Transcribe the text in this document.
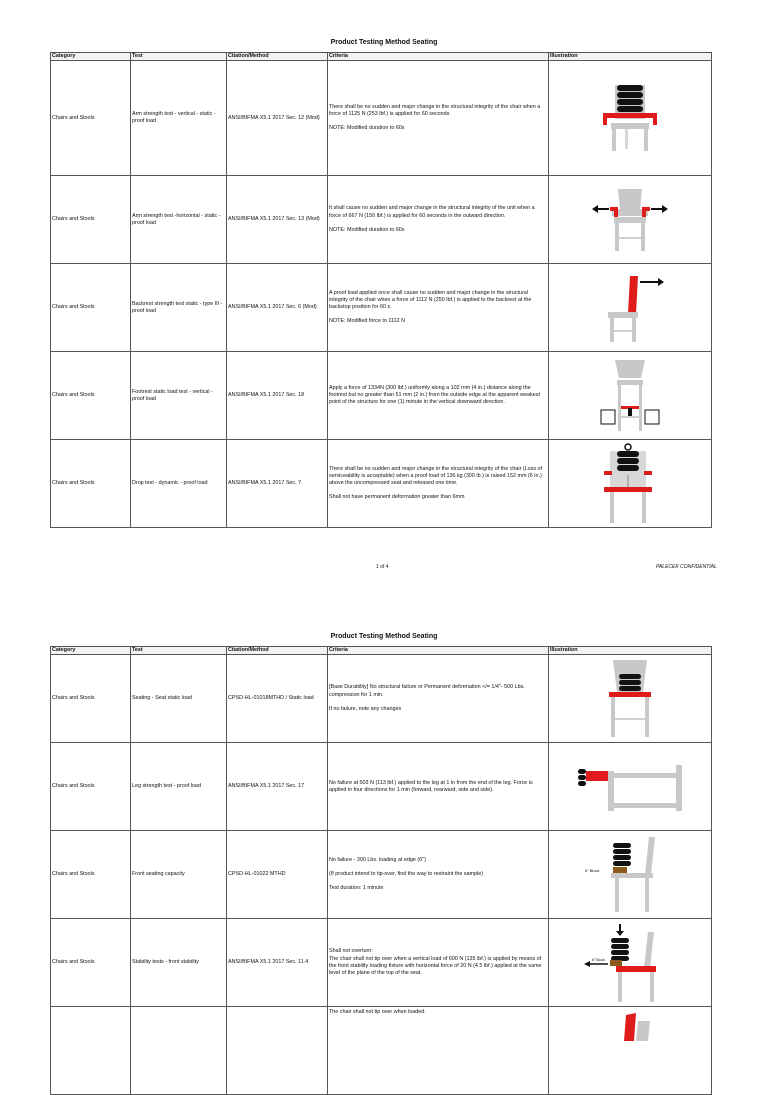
Product Testing Method Seating
Category	Test	Citation/Method	Criteria	Illustration
Chairs and Stools	Arm strength test - vertical - static - proof load	ANSI/BIFMA X5.1 2017 Sec. 12 (Mod)	There shall be no sudden and major change in the structural integrity of the chair when a force of 1125 N (253 lbf.) is applied for 60 seconds

NOTE: Modified duration to 60s

Chairs and Stools	Arm strength test -horizontal - static - proof load	ANSI/BIFMA X5.1 2017 Sec. 13 (Mod)	It shall cause no sudden and major change in the structural integrity of the unit when a force of 667 N (150 lbf.) is applied for 60 seconds in the outward direction.

NOTE: Modified duration to 60s

Chairs and Stools	Backrest strength test static - type III - proof load	ANSI/BIFMA X5.1 2017 Sec. 6 (Mod)	A proof load applied once shall cause no sudden and major change in the structural integrity of the chair when a force of 1112 N (250 lbf.) is applied to the backrest at the backstop position for 60 s.

NOTE: Modified force to 1112 N

Chairs and Stools	Footrest static load test - vertical - proof load	ANSI/BIFMA X5.1 2017 Sec. 18	Apply a force of 1334N (300 lbf.) uniformly along a 102 mm (4 in.) distance along the footrest but no greater than 51 mm (2 in.) from the outside edge at the apparent weakest point of the structure for one (1) minute in the vertical downward direction.

Chairs and Stools	Drop test - dynamic - proof load	ANSI/BIFMA X5.1 2017 Sec. 7	There shall be no sudden and major change in the structural integrity of the chair (Loss of serviceability is acceptable) when a proof load of 136 kg (300 lb.) is raised 152 mm (6 in.) above the uncompressed seat and released one time.

Shall not have permanent deformation greater than 6mm

1 of 4	PALECEK CONFIDENTIAL
Product Testing Method Seating
Category	Test	Citation/Method	Criteria	Illustration
Chairs and Stools	Seating - Seat static load	CPSD-HL-01018MTHD / Static load	[Base Durability] No structural failure or Permanent deformation </= 1/4"- 500 Lbs. compression for 1 min.

If no failure, note any changes

Chairs and Stools	Leg strength test - proof load	ANSI/BIFMA X5.1 2017 Sec. 17	No failure at 503 N (113 lbf.) applied to the leg at 1 in from the end of the leg. Force is applied in four directions for 1 min (forward, rearward, side and side).

Chairs and Stools	Front seating capacity	CPSD-HL-01022 MTHD	No failure - 300 Lbs. loading at edge (6")

(If product intend to tip-over, find the way to restraint the sample)

Test duration: 1 minute	6" Block

Chairs and Stools	Stability tests - front stability	ANSI/BIFMA X5.1 2017 Sec. 11.4	Shall not overturn:
The chair shall not tip over when a vertical load of 600 N (135 lbf.) is applied by means of the front stability loading fixture with horizontal force of 20 N (4.5 lbf.) applied at the same level of the plane of the top of the seat.	6" Block

			The chair shall not tip over when loaded.
